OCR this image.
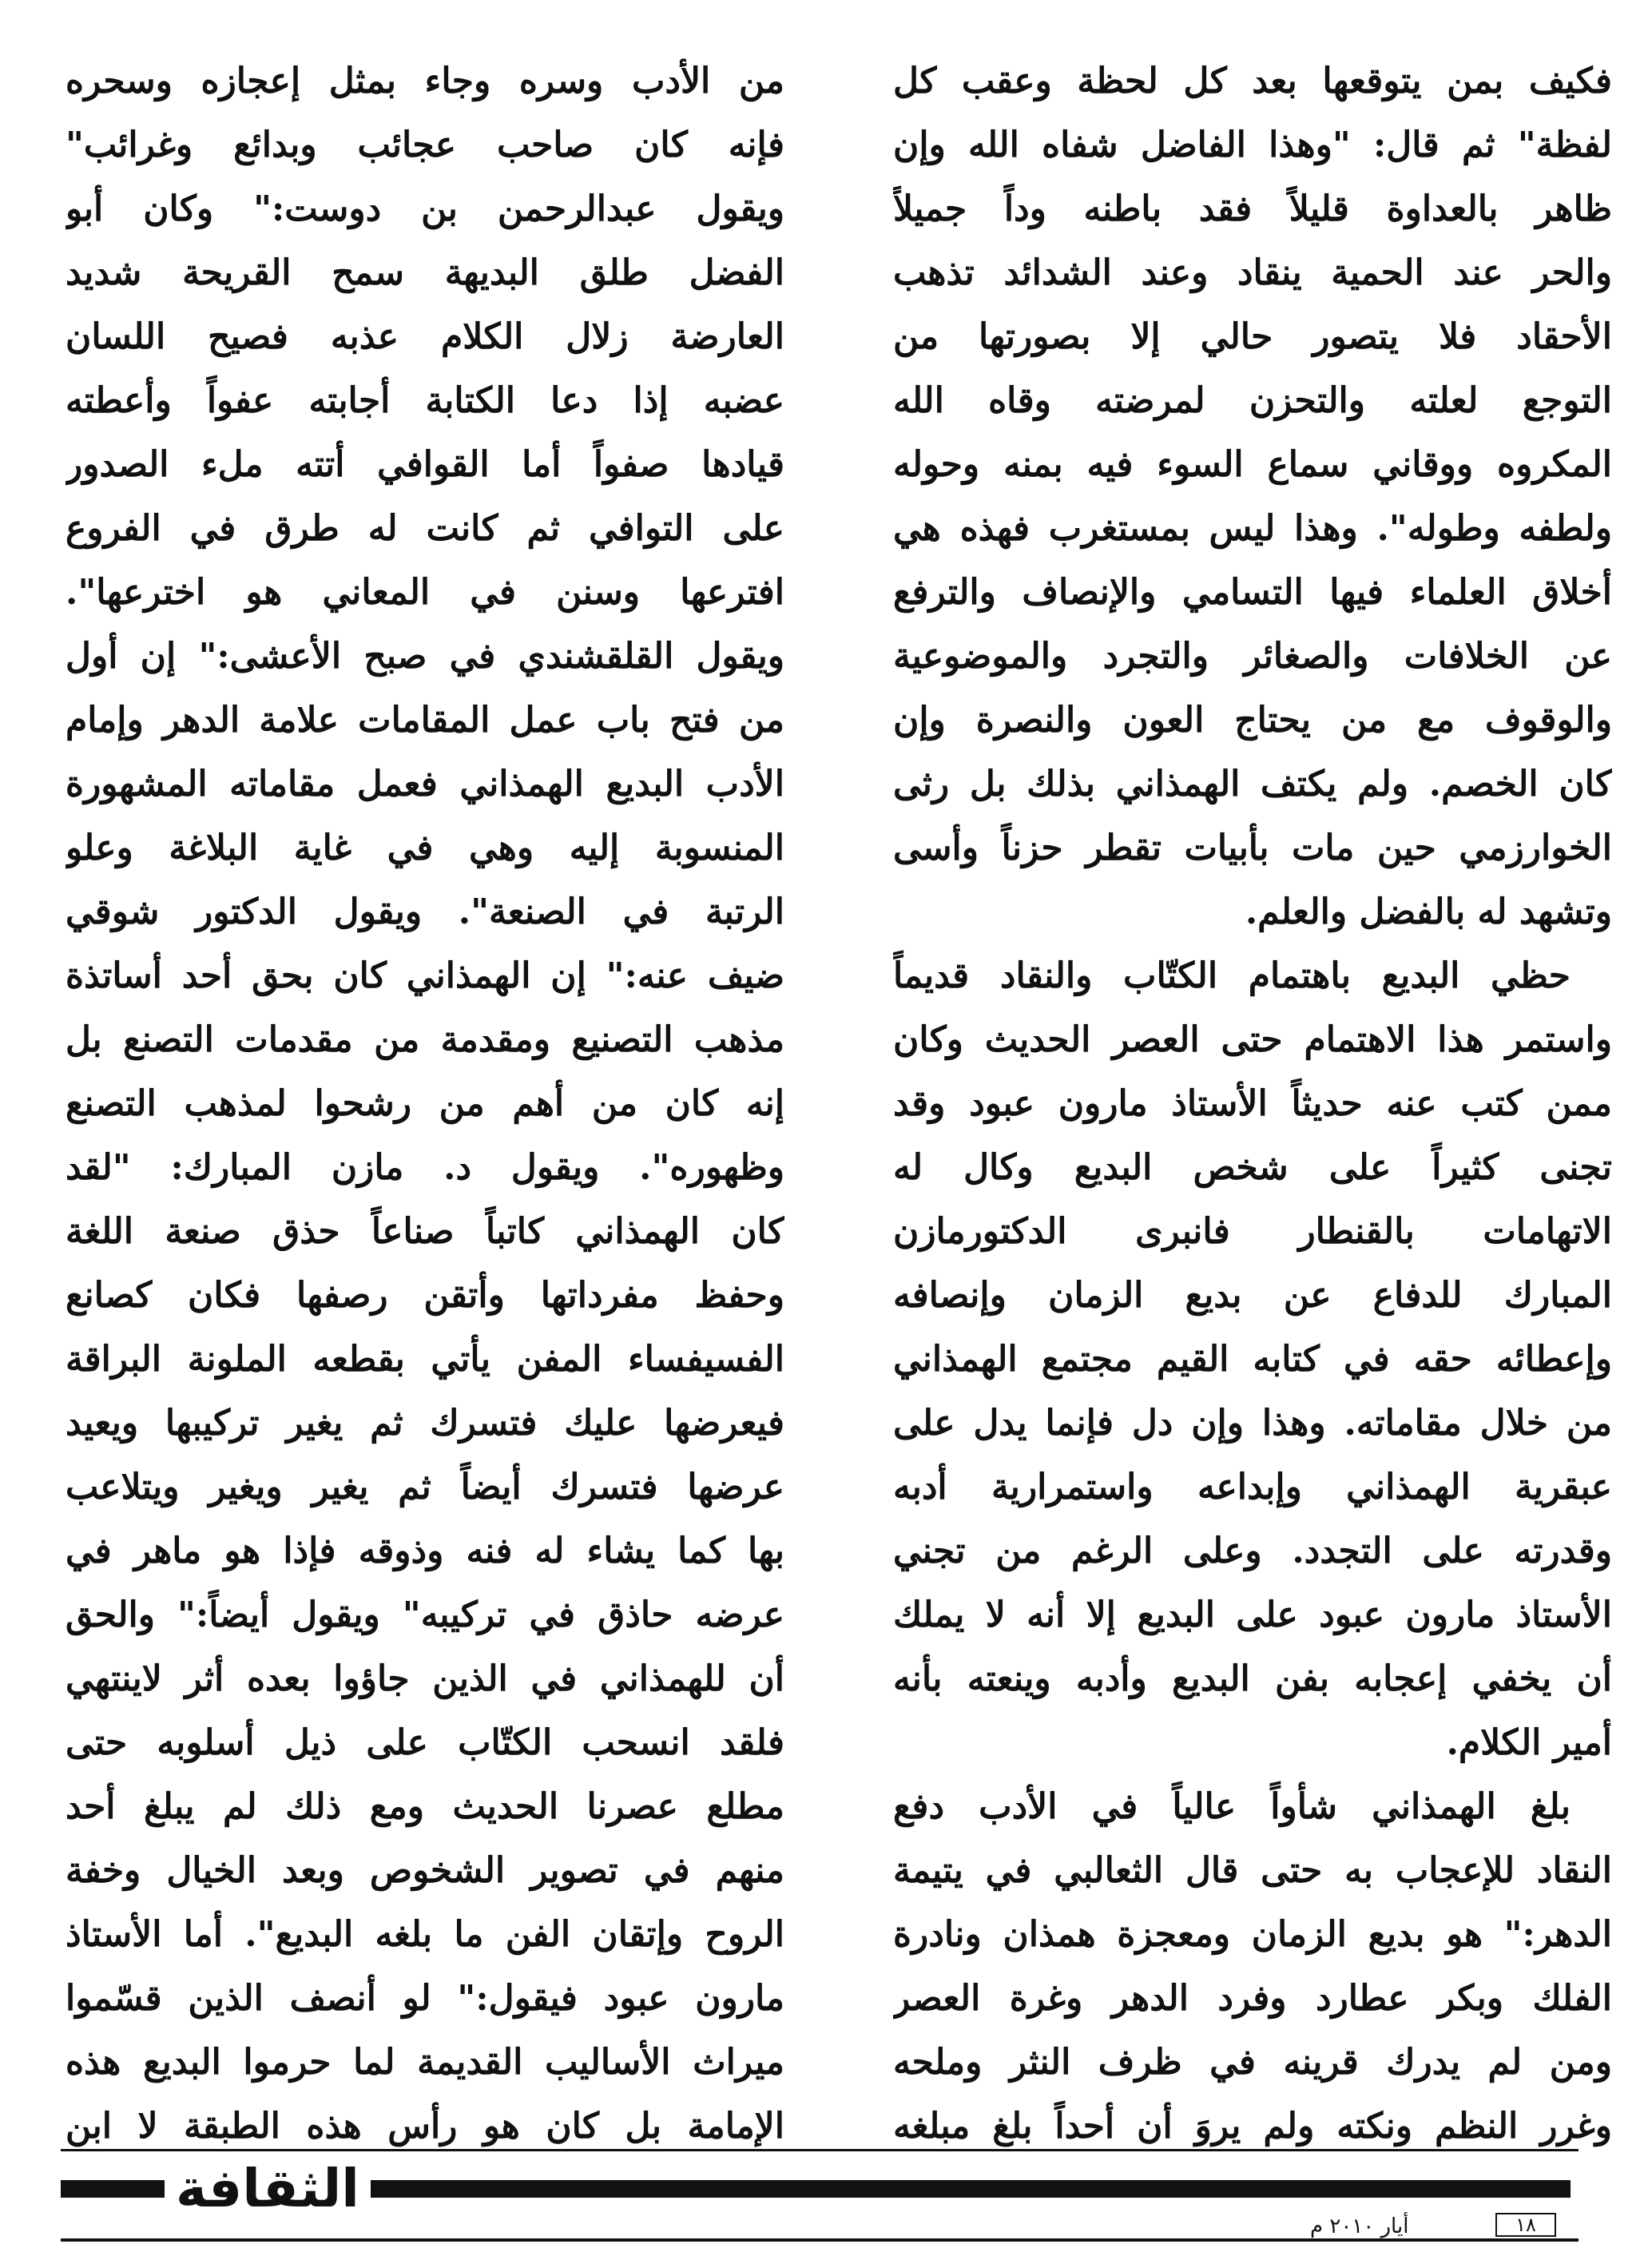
فكيف بمن يتوقعها بعد كل لحظة وعقب كل
لفظة" ثم قال: "وهذا الفاضل شفاه الله وإن
ظاهر بالعداوة قليلاً فقد باطنه وداً جميلاً
والحر عند الحمية ينقاد وعند الشدائد تذهب
الأحقاد فلا يتصور حالي إلا بصورتها من
التوجع لعلته والتحزن لمرضته وقاه الله
المكروه ووقاني سماع السوء فيه بمنه وحوله
ولطفه وطوله". وهذا ليس بمستغرب فهذه هي
أخلاق العلماء فيها التسامي والإنصاف والترفع
عن الخلافات والصغائر والتجرد والموضوعية
والوقوف مع من يحتاج العون والنصرة وإن
كان الخصم. ولم يكتف الهمذاني بذلك بل رثى
الخوارزمي حين مات بأبيات تقطر حزناً وأسى
وتشهد له بالفضل والعلم.
حظي البديع باهتمام الكتّاب والنقاد قديماً
واستمر هذا الاهتمام حتى العصر الحديث وكان
ممن كتب عنه حديثاً الأستاذ مارون عبود وقد
تجنى كثيراً على شخص البديع وكال له
الاتهامات بالقنطار فانبرى الدكتورمازن
المبارك للدفاع عن بديع الزمان وإنصافه
وإعطائه حقه في كتابه القيم مجتمع الهمذاني
من خلال مقاماته. وهذا وإن دل فإنما يدل على
عبقرية الهمذاني وإبداعه واستمرارية أدبه
وقدرته على التجدد. وعلى الرغم من تجني
الأستاذ مارون عبود على البديع إلا أنه لا يملك
أن يخفي إعجابه بفن البديع وأدبه وينعته بأنه
أمير الكلام.
بلغ الهمذاني شأواً عالياً في الأدب دفع
النقاد للإعجاب به حتى قال الثعالبي في يتيمة
الدهر:" هو بديع الزمان ومعجزة همذان ونادرة
الفلك وبكر عطارد وفرد الدهر وغرة العصر
ومن لم يدرك قرينه في ظرف النثر وملحه
وغرر النظم ونكته ولم يروَ أن أحداً بلغ مبلغه
من الأدب وسره وجاء بمثل إعجازه وسحره
فإنه كان صاحب عجائب وبدائع وغرائب"
ويقول عبدالرحمن بن دوست:" وكان أبو
الفضل طلق البديهة سمح القريحة شديد
العارضة زلال الكلام عذبه فصيح اللسان
عضبه إذا دعا الكتابة أجابته عفواً وأعطته
قيادها صفواً أما القوافي أتته ملء الصدور
على التوافي ثم كانت له طرق في الفروع
افترعها وسنن في المعاني هو اخترعها".
ويقول القلقشندي في صبح الأعشى:" إن أول
من فتح باب عمل المقامات علامة الدهر وإمام
الأدب البديع الهمذاني فعمل مقاماته المشهورة
المنسوبة إليه وهي في غاية البلاغة وعلو
الرتبة في الصنعة". ويقول الدكتور شوقي
ضيف عنه:" إن الهمذاني كان بحق أحد أساتذة
مذهب التصنيع ومقدمة من مقدمات التصنع بل
إنه كان من أهم من رشحوا لمذهب التصنع
وظهوره". ويقول د. مازن المبارك: "لقد
كان الهمذاني كاتباً صناعاً حذق صنعة اللغة
وحفظ مفرداتها وأتقن رصفها فكان كصانع
الفسيفساء المفن يأتي بقطعه الملونة البراقة
فيعرضها عليك فتسرك ثم يغير تركيبها ويعيد
عرضها فتسرك أيضاً ثم يغير ويغير ويتلاعب
بها كما يشاء له فنه وذوقه فإذا هو ماهر في
عرضه حاذق في تركيبه" ويقول أيضاً:" والحق
أن للهمذاني في الذين جاؤوا بعده أثر لاينتهي
فلقد انسحب الكتّاب على ذيل أسلوبه حتى
مطلع عصرنا الحديث ومع ذلك لم يبلغ أحد
منهم في تصوير الشخوص وبعد الخيال وخفة
الروح وإتقان الفن ما بلغه البديع". أما الأستاذ
مارون عبود فيقول:" لو أنصف الذين قسّموا
ميراث الأساليب القديمة لما حرموا البديع هذه
الإمامة بل كان هو رأس هذه الطبقة لا ابن
الثقافة
أيار ٢٠١٠ م	١٨
